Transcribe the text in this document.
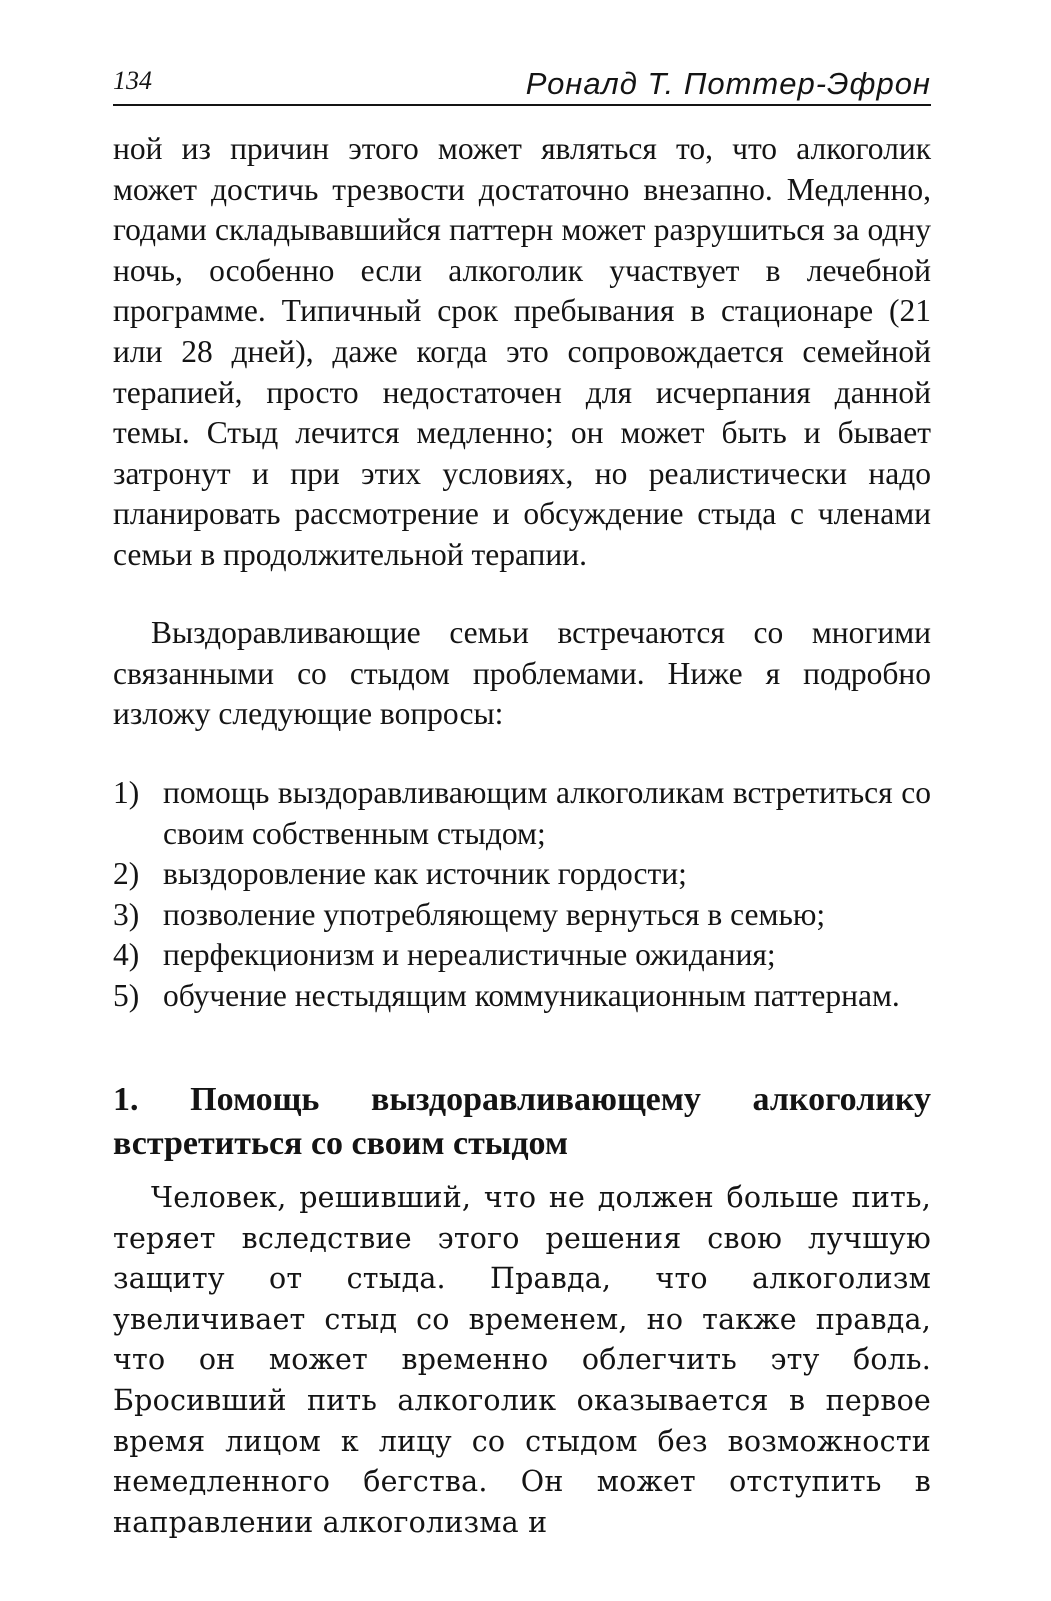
134	Роналд Т. Поттер-Эфрон

ной из причин этого может являться то, что алкоголик может достичь трезвости достаточно внезапно. Медленно, годами складывавшийся паттерн может разрушиться за одну ночь, особенно если алкоголик участвует в лечебной программе. Типичный срок пребывания в стационаре (21 или 28 дней), даже когда это сопровождается семейной терапией, просто недостаточен для исчерпания данной темы. Стыд лечится медленно; он может быть и бывает затронут и при этих условиях, но реалистически надо планировать рассмотрение и обсуждение стыда с членами семьи в продолжительной терапии.

Выздоравливающие семьи встречаются со многими связанными со стыдом проблемами. Ниже я подробно изложу следующие вопросы:

1) помощь выздоравливающим алкоголикам встретиться со своим собственным стыдом;
2) выздоровление как источник гордости;
3) позволение употребляющему вернуться в семью;
4) перфекционизм и нереалистичные ожидания;
5) обучение нестыдящим коммуникационным паттернам.
1. Помощь выздоравливающему алкоголику встретиться со своим стыдом

Человек, решивший, что не должен больше пить, теряет вследствие этого решения свою лучшую защиту от стыда. Правда, что алкоголизм увеличивает стыд со временем, но также правда, что он может временно облегчить эту боль. Бросивший пить алкоголик оказывается в первое время лицом к лицу со стыдом без возможности немедленного бегства. Он может отступить в направлении алкоголизма и
